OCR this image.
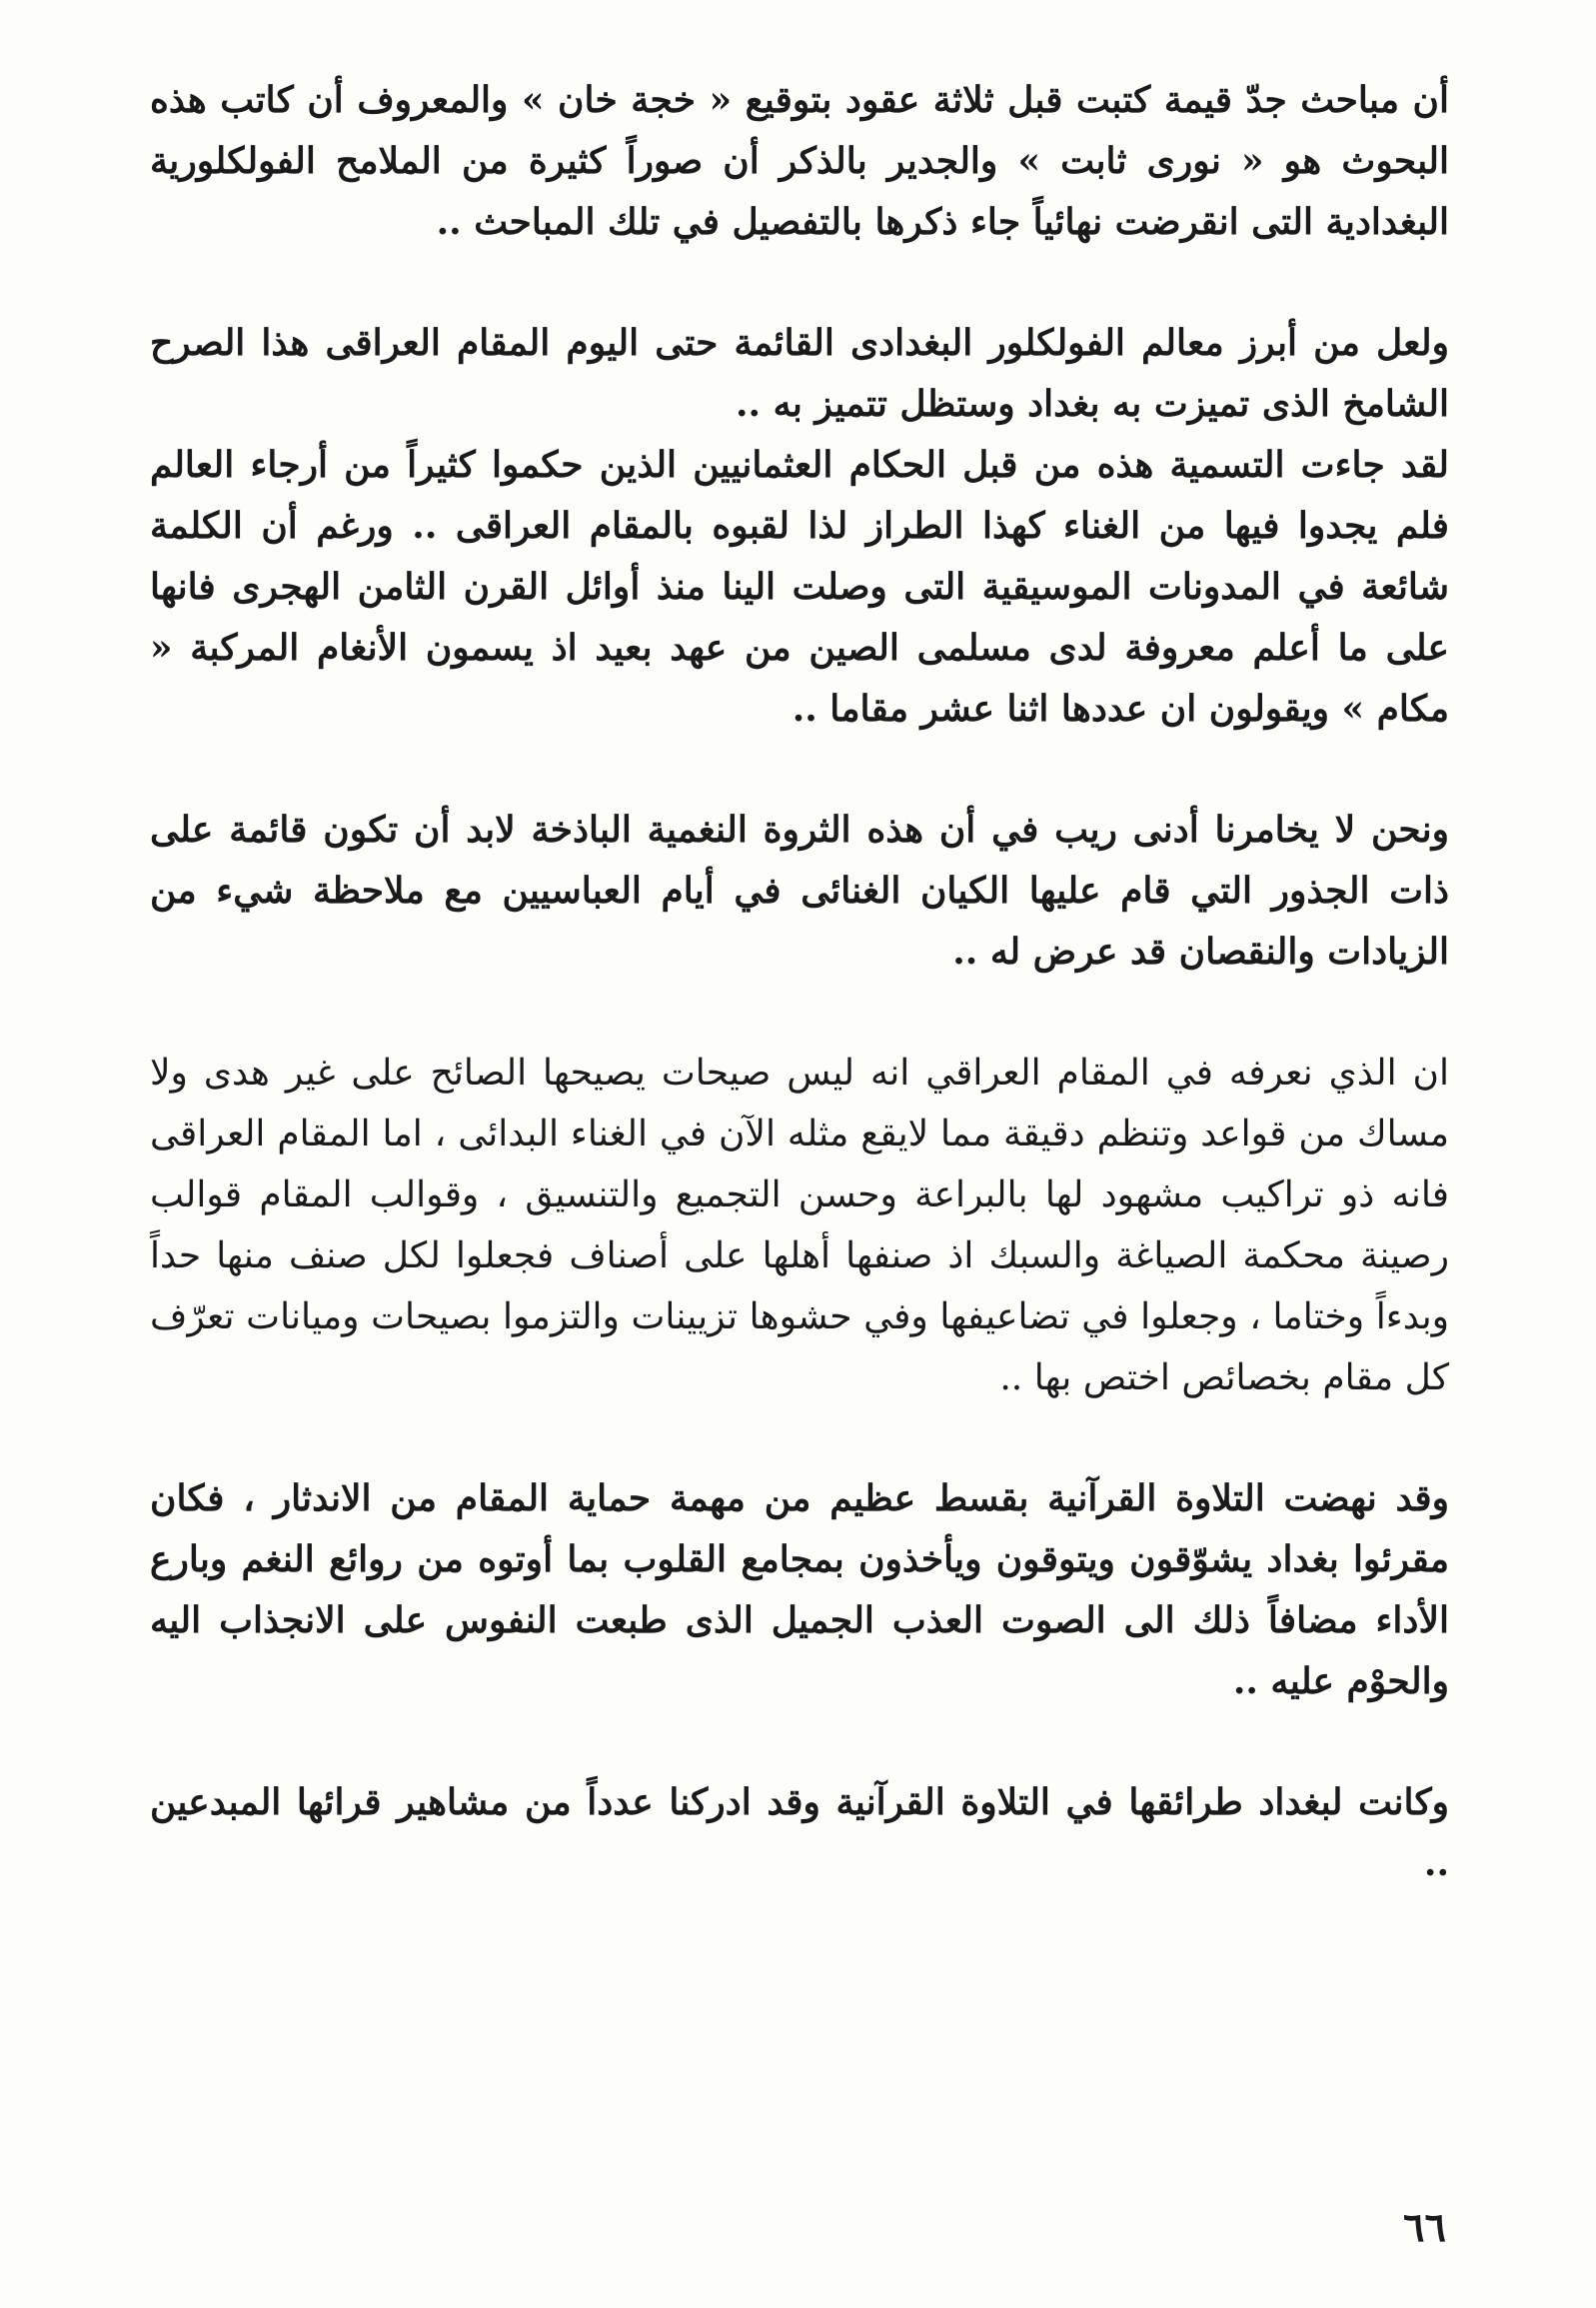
أن مباحث جدّ قيمة كتبت قبل ثلاثة عقود بتوقيع « خجة خان » والمعروف أن كاتب هذه البحوث هو « نورى ثابت » والجدير بالذكر أن صوراً كثيرة من الملامح الفولكلورية البغدادية التى انقرضت نهائياً جاء ذكرها بالتفصيل في تلك المباحث ..

ولعل من أبرز معالم الفولكلور البغدادى القائمة حتى اليوم المقام العراقى هذا الصرح الشامخ الذى تميزت به بغداد وستظل تتميز به ..

لقد جاءت التسمية هذه من قبل الحكام العثمانيين الذين حكموا كثيراً من أرجاء العالم فلم يجدوا فيها من الغناء كهذا الطراز لذا لقبوه بالمقام العراقى .. ورغم أن الكلمة شائعة في المدونات الموسيقية التى وصلت الينا منذ أوائل القرن الثامن الهجرى فانها على ما أعلم معروفة لدى مسلمى الصين من عهد بعيد اذ يسمون الأنغام المركبة « مكام » ويقولون ان عددها اثنا عشر مقاما ..

ونحن لا يخامرنا أدنى ريب في أن هذه الثروة النغمية الباذخة لابد أن تكون قائمة على ذات الجذور التي قام عليها الكيان الغنائى في أيام العباسيين مع ملاحظة شيء من الزيادات والنقصان قد عرض له ..

ان الذي نعرفه في المقام العراقي انه ليس صيحات يصيحها الصائح على غير هدى ولا مساك من قواعد وتنظم دقيقة مما لايقع مثله الآن في الغناء البدائى ، اما المقام العراقى فانه ذو تراكيب مشهود لها بالبراعة وحسن التجميع والتنسيق ، وقوالب المقام قوالب رصينة محكمة الصياغة والسبك اذ صنفها أهلها على أصناف فجعلوا لكل صنف منها حداً وبدءاً وختاما ، وجعلوا في تضاعيفها وفي حشوها تزيينات والتزموا بصيحات وميانات تعرّف كل مقام بخصائص اختص بها ..

وقد نهضت التلاوة القرآنية بقسط عظيم من مهمة حماية المقام من الاندثار ، فكان مقرئوا بغداد يشوّقون ويتوقون ويأخذون بمجامع القلوب بما أوتوه من روائع النغم وبارع الأداء مضافاً ذلك الى الصوت العذب الجميل الذى طبعت النفوس على الانجذاب اليه والحوْم عليه ..

وكانت لبغداد طرائقها في التلاوة القرآنية وقد ادركنا عدداً من مشاهير قرائها المبدعين ..

٦٦
